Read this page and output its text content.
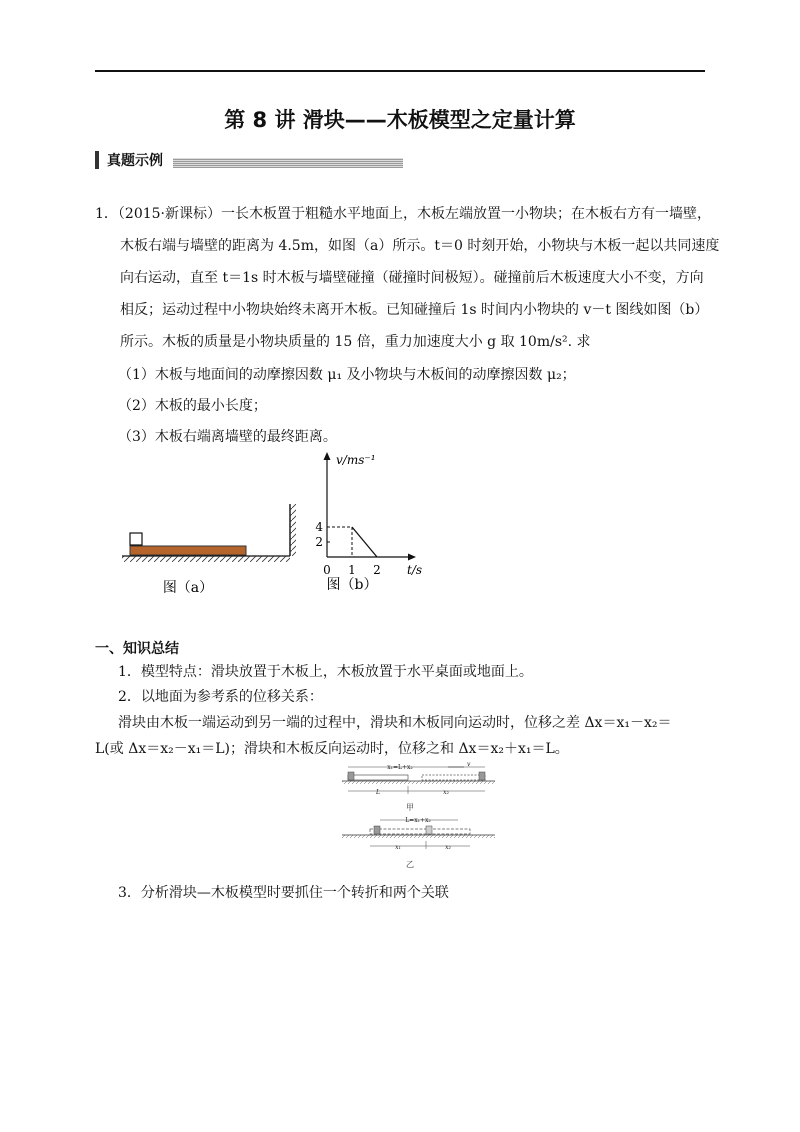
第 8 讲 滑块——木板模型之定量计算
真题示例
1．（2015·新课标）一长木板置于粗糙水平地面上，木板左端放置一小物块；在木板右方有一墙壁，
木板右端与墙壁的距离为 4.5m，如图（a）所示。t＝0 时刻开始，小物块与木板一起以共同速度
向右运动，直至 t＝1s 时木板与墙壁碰撞（碰撞时间极短）。碰撞前后木板速度大小不变，方向
相反；运动过程中小物块始终未离开木板。已知碰撞后 1s 时间内小物块的 v－t 图线如图（b）
所示。木板的质量是小物块质量的 15 倍，重力加速度大小 g 取 10m/s². 求
（1）木板与地面间的动摩擦因数 μ₁ 及小物块与木板间的动摩擦因数 μ₂；
（2）木板的最小长度；
（3）木板右端离墙壁的最终距离。
图（a）
v/ms⁻¹
t/s
2
4
0 1 2
图（b）
一、知识总结
1．模型特点：滑块放置于木板上，木板放置于水平桌面或地面上。
2．以地面为参考系的位移关系：
滑块由木板一端运动到另一端的过程中，滑块和木板同向运动时，位移之差 Δx＝x₁－x₂＝
L(或 Δx＝x₂－x₁＝L)；滑块和木板反向运动时，位移之和 Δx＝x₂＋x₁＝L。
x₁=L+x₂	v
L	x₂
甲
L=x₁+x₂
x₁	x₂
乙
3．分析滑块—木板模型时要抓住一个转折和两个关联
